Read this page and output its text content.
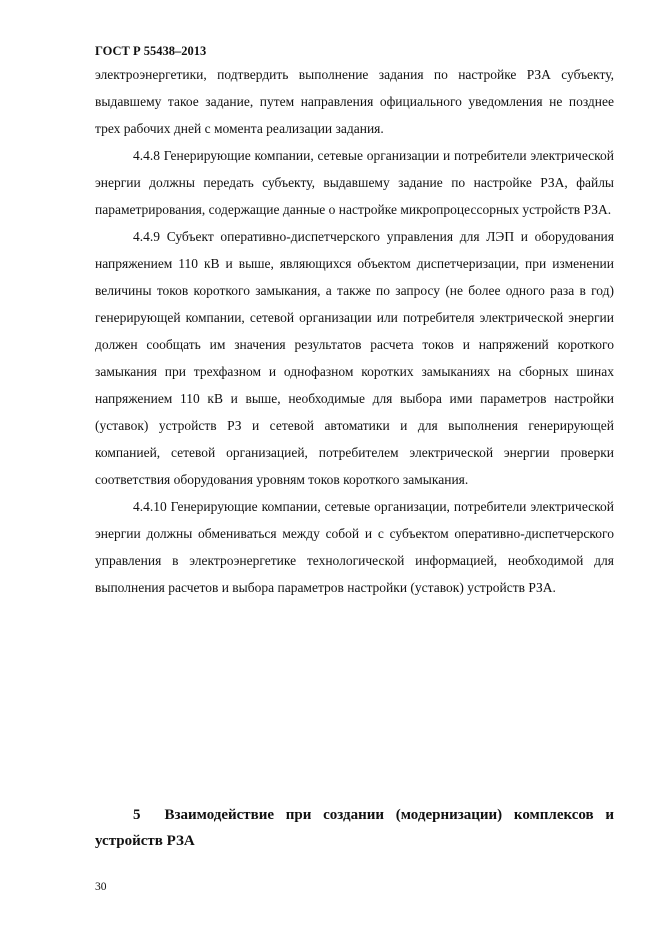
ГОСТ Р 55438–2013

электроэнергетики, подтвердить выполнение задания по настройке РЗА субъекту, выдавшему такое задание, путем направления официального уведомления не позднее трех рабочих дней с момента реализации задания.

4.4.8 Генерирующие компании, сетевые организации и потребители электрической энергии должны передать субъекту, выдавшему задание по настройке РЗА, файлы параметрирования, содержащие данные о настройке микропроцессорных устройств РЗА.

4.4.9 Субъект оперативно-диспетчерского управления для ЛЭП и оборудования напряжением 110 кВ и выше, являющихся объектом диспетчеризации, при изменении величины токов короткого замыкания, а также по запросу (не более одного раза в год) генерирующей компании, сетевой организации или потребителя электрической энергии должен сообщать им значения результатов расчета токов и напряжений короткого замыкания при трехфазном и однофазном коротких замыканиях на сборных шинах напряжением 110 кВ и выше, необходимые для выбора ими параметров настройки (уставок) устройств РЗ и сетевой автоматики и для выполнения генерирующей компанией, сетевой организацией, потребителем электрической энергии проверки соответствия оборудования уровням токов короткого замыкания.

4.4.10 Генерирующие компании, сетевые организации, потребители электрической энергии должны обмениваться между собой и с субъектом оперативно-диспетчерского управления в электроэнергетике технологической информацией, необходимой для выполнения расчетов и выбора параметров настройки (уставок) устройств РЗА.

5 Взаимодействие при создании (модернизации) комплексов и устройств РЗА
30
